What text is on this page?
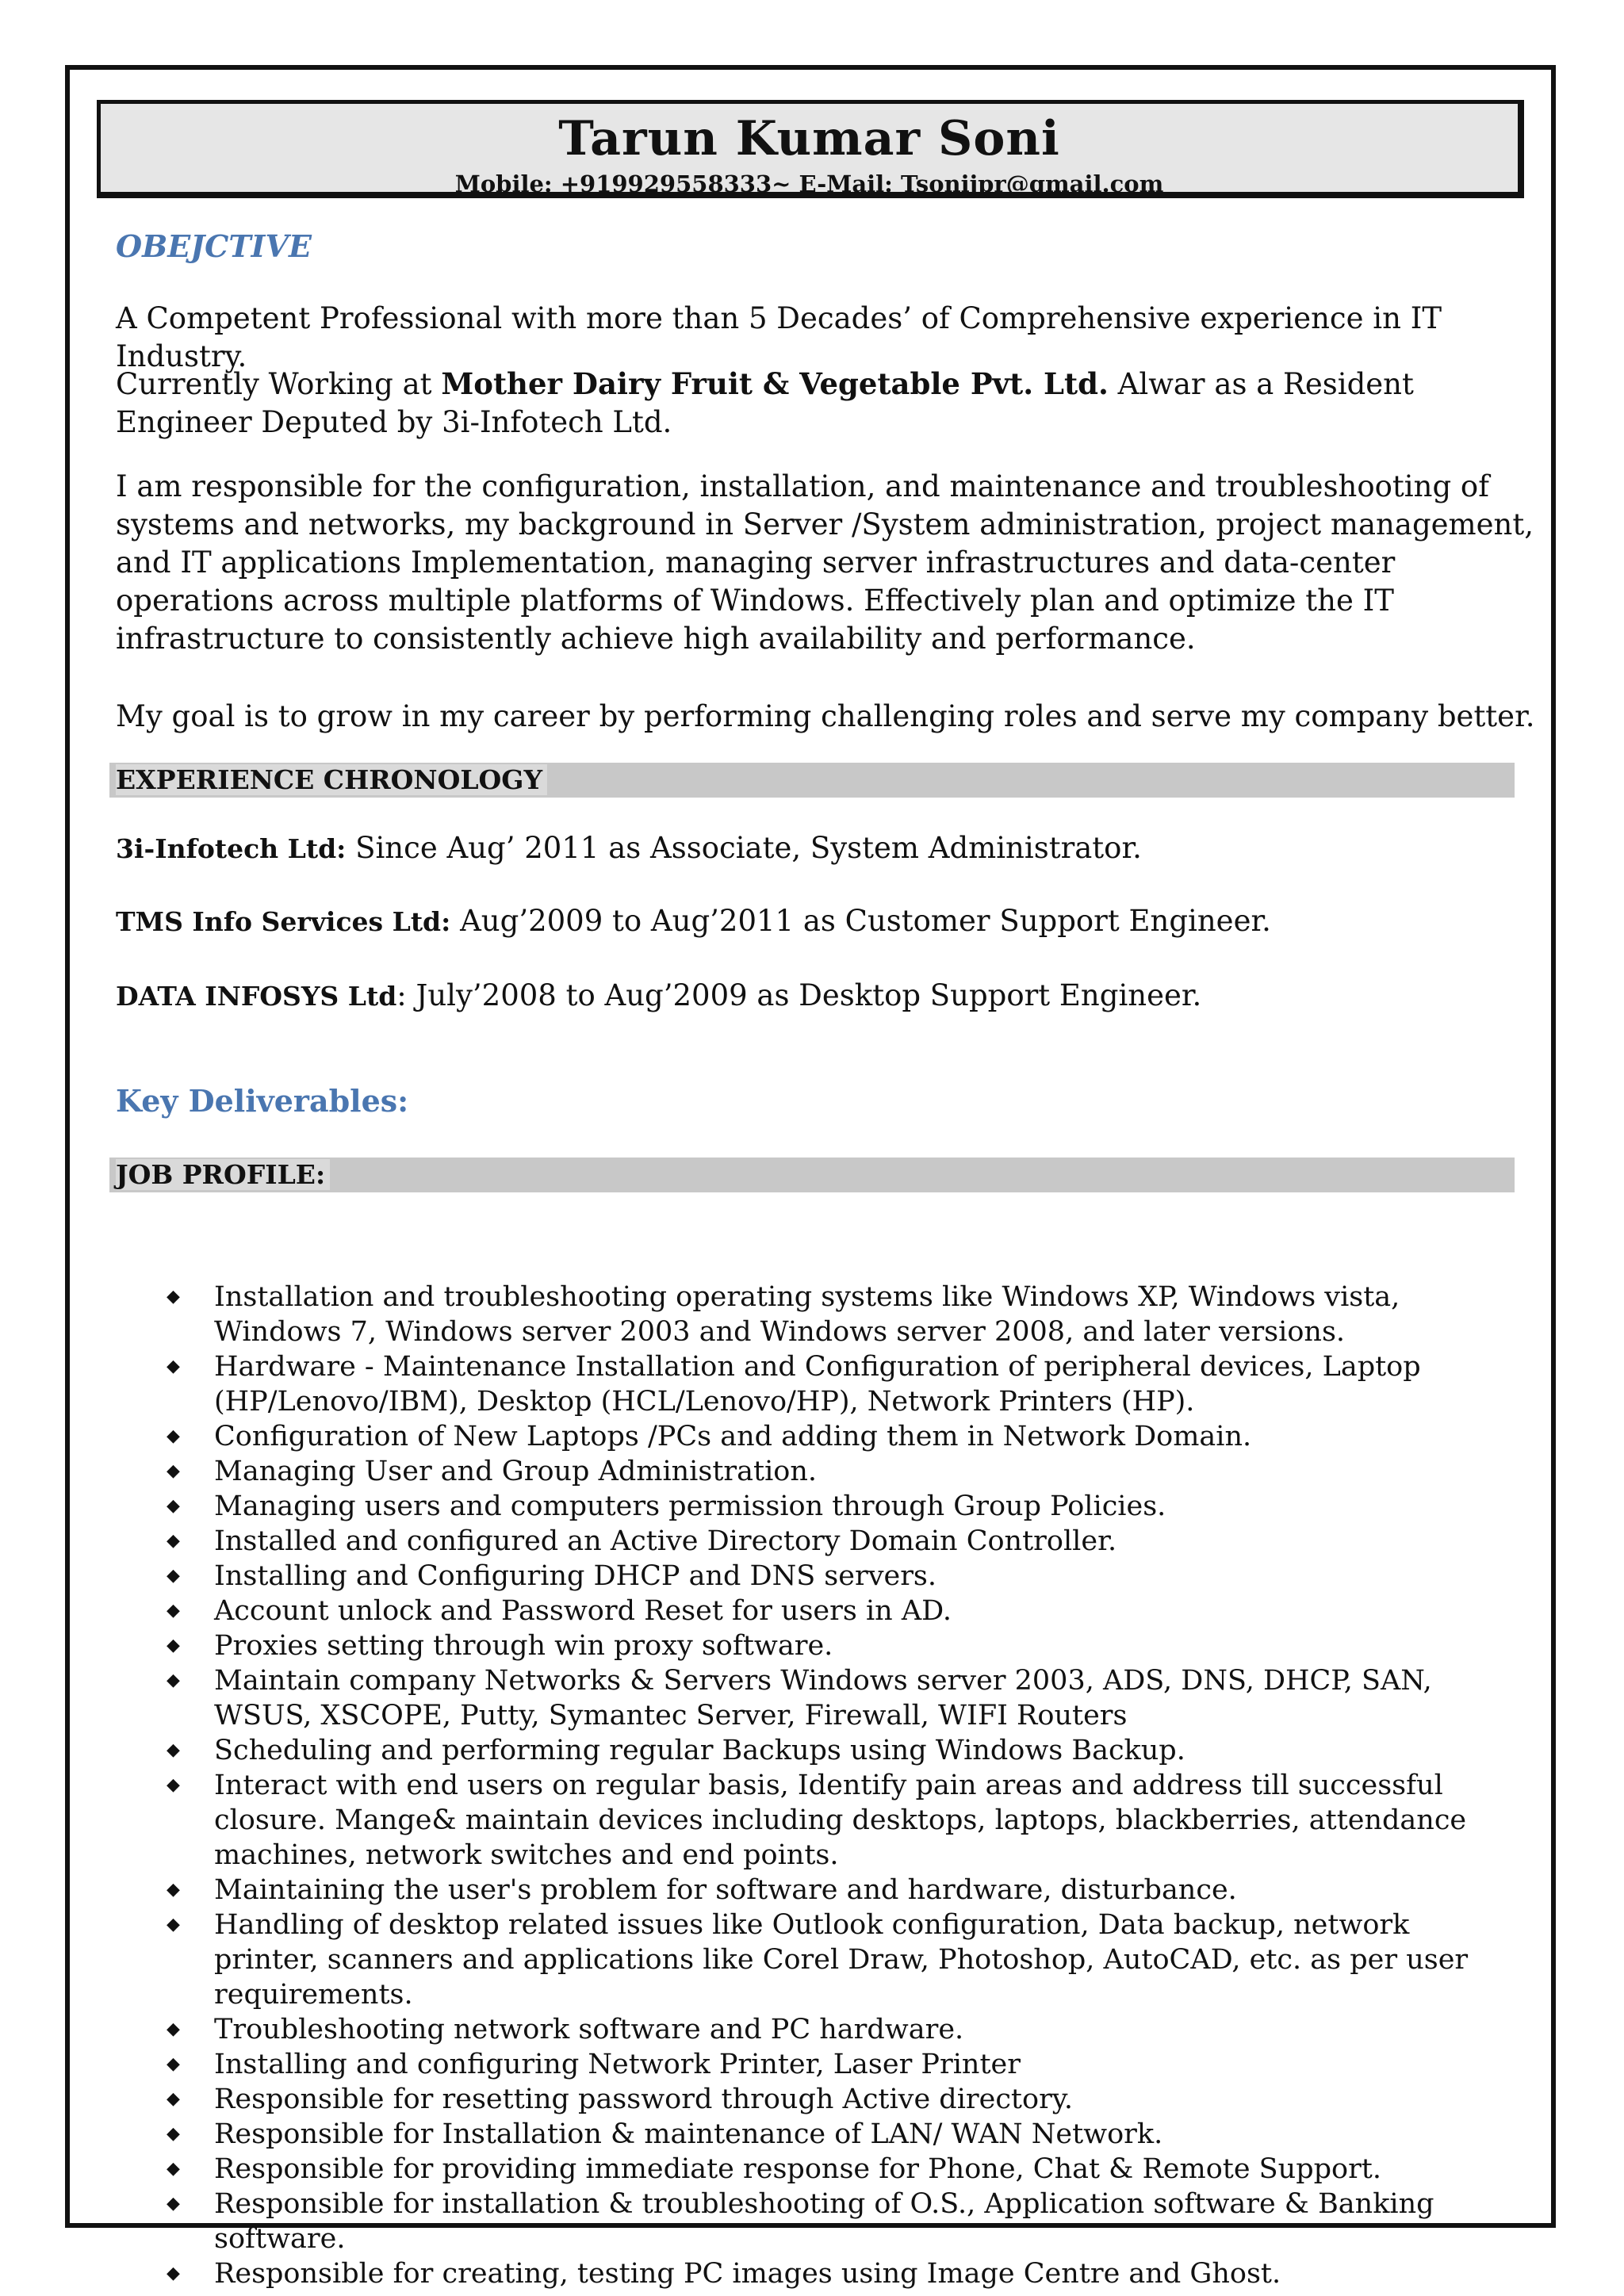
Tarun Kumar Soni
Mobile: +919929558333~ E-Mail: Tsonijpr@gmail.com
OBEJCTIVE
A Competent Professional with more than 5 Decades’ of Comprehensive experience in IT Industry.
Currently Working at Mother Dairy Fruit & Vegetable Pvt. Ltd. Alwar as a Resident Engineer Deputed by 3i-Infotech Ltd.
I am responsible for the configuration, installation, and maintenance and troubleshooting of systems and networks, my background in Server /System administration, project management, and IT applications Implementation, managing server infrastructures and data-center operations across multiple platforms of Windows. Effectively plan and optimize the IT infrastructure to consistently achieve high availability and performance.
My goal is to grow in my career by performing challenging roles and serve my company better.
EXPERIENCE CHRONOLOGY
3i-Infotech Ltd: Since Aug’ 2011 as Associate, System Administrator.
TMS Info Services Ltd: Aug’2009 to Aug’2011 as Customer Support Engineer.
DATA INFOSYS Ltd: July’2008 to Aug’2009 as Desktop Support Engineer.
Key Deliverables:
JOB PROFILE:
◆ Installation and troubleshooting operating systems like Windows XP, Windows vista, Windows 7, Windows server 2003 and Windows server 2008, and later versions.
◆ Hardware - Maintenance Installation and Configuration of peripheral devices, Laptop (HP/Lenovo/IBM), Desktop (HCL/Lenovo/HP), Network Printers (HP).
◆ Configuration of New Laptops /PCs and adding them in Network Domain.
◆ Managing User and Group Administration.
◆ Managing users and computers permission through Group Policies.
◆ Installed and configured an Active Directory Domain Controller.
◆ Installing and Configuring DHCP and DNS servers.
◆ Account unlock and Password Reset for users in AD.
◆ Proxies setting through win proxy software.
◆ Maintain company Networks & Servers Windows server 2003, ADS, DNS, DHCP, SAN, WSUS, XSCOPE, Putty, Symantec Server, Firewall, WIFI Routers
◆ Scheduling and performing regular Backups using Windows Backup.
◆ Interact with end users on regular basis, Identify pain areas and address till successful closure. Mange& maintain devices including desktops, laptops, blackberries, attendance machines, network switches and end points.
◆ Maintaining the user's problem for software and hardware, disturbance.
◆ Handling of desktop related issues like Outlook configuration, Data backup, network printer, scanners and applications like Corel Draw, Photoshop, AutoCAD, etc. as per user requirements.
◆ Troubleshooting network software and PC hardware.
◆ Installing and configuring Network Printer, Laser Printer
◆ Responsible for resetting password through Active directory.
◆ Responsible for Installation & maintenance of LAN/ WAN Network.
◆ Responsible for providing immediate response for Phone, Chat & Remote Support.
◆ Responsible for installation & troubleshooting of O.S., Application software & Banking software.
◆ Responsible for creating, testing PC images using Image Centre and Ghost.
